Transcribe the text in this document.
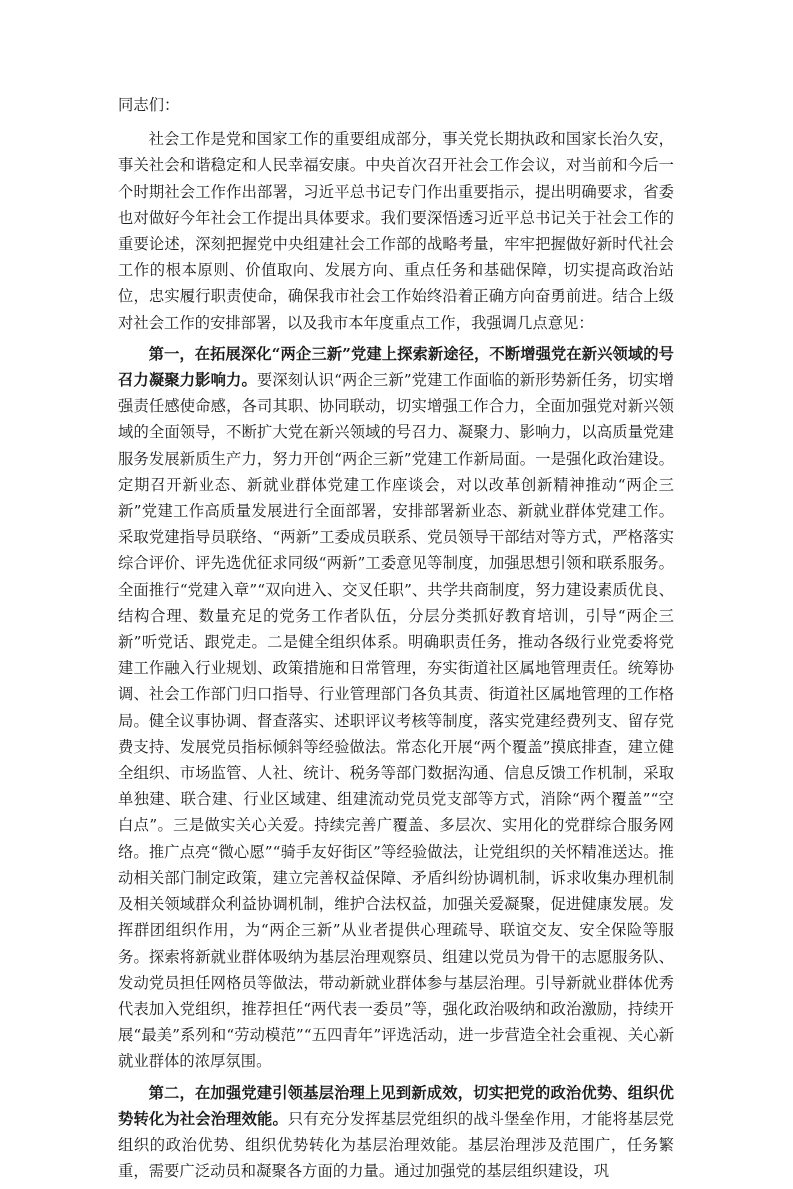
同志们：

社会工作是党和国家工作的重要组成部分，事关党长期执政和国家长治久安，事关社会和谐稳定和人民幸福安康。中央首次召开社会工作会议，对当前和今后一个时期社会工作作出部署，习近平总书记专门作出重要指示，提出明确要求，省委也对做好今年社会工作提出具体要求。我们要深悟透习近平总书记关于社会工作的重要论述，深刻把握党中央组建社会工作部的战略考量，牢牢把握做好新时代社会工作的根本原则、价值取向、发展方向、重点任务和基础保障，切实提高政治站位，忠实履行职责使命，确保我市社会工作始终沿着正确方向奋勇前进。结合上级对社会工作的安排部署，以及我市本年度重点工作，我强调几点意见：

第一，在拓展深化“两企三新”党建上探索新途径，不断增强党在新兴领域的号召力凝聚力影响力。要深刻认识“两企三新”党建工作面临的新形势新任务，切实增强责任感使命感，各司其职、协同联动，切实增强工作合力，全面加强党对新兴领域的全面领导，不断扩大党在新兴领域的号召力、凝聚力、影响力，以高质量党建服务发展新质生产力，努力开创“两企三新”党建工作新局面。一是强化政治建设。定期召开新业态、新就业群体党建工作座谈会，对以改革创新精神推动“两企三新”党建工作高质量发展进行全面部署，安排部署新业态、新就业群体党建工作。采取党建指导员联络、“两新”工委成员联系、党员领导干部结对等方式，严格落实综合评价、评先选优征求同级“两新”工委意见等制度，加强思想引领和联系服务。全面推行“党建入章”“双向进入、交叉任职”、共学共商制度，努力建设素质优良、结构合理、数量充足的党务工作者队伍，分层分类抓好教育培训，引导“两企三新”听党话、跟党走。二是健全组织体系。明确职责任务，推动各级行业党委将党建工作融入行业规划、政策措施和日常管理，夯实街道社区属地管理责任。统筹协调、社会工作部门归口指导、行业管理部门各负其责、街道社区属地管理的工作格局。健全议事协调、督查落实、述职评议考核等制度，落实党建经费列支、留存党费支持、发展党员指标倾斜等经验做法。常态化开展“两个覆盖”摸底排查，建立健全组织、市场监管、人社、统计、税务等部门数据沟通、信息反馈工作机制，采取单独建、联合建、行业区域建、组建流动党员党支部等方式，消除“两个覆盖”“空白点”。三是做实关心关爱。持续完善广覆盖、多层次、实用化的党群综合服务网络。推广点亮“微心愿”“骑手友好街区”等经验做法，让党组织的关怀精准送达。推动相关部门制定政策，建立完善权益保障、矛盾纠纷协调机制，诉求收集办理机制及相关领域群众利益协调机制，维护合法权益，加强关爱凝聚，促进健康发展。发挥群团组织作用，为“两企三新”从业者提供心理疏导、联谊交友、安全保险等服务。探索将新就业群体吸纳为基层治理观察员、组建以党员为骨干的志愿服务队、发动党员担任网格员等做法，带动新就业群体参与基层治理。引导新就业群体优秀代表加入党组织，推荐担任“两代表一委员”等，强化政治吸纳和政治激励，持续开展“最美”系列和“劳动模范”“五四青年”评选活动，进一步营造全社会重视、关心新就业群体的浓厚氛围。

第二，在加强党建引领基层治理上见到新成效，切实把党的政治优势、组织优势转化为社会治理效能。只有充分发挥基层党组织的战斗堡垒作用，才能将基层党组织的政治优势、组织优势转化为基层治理效能。基层治理涉及范围广，任务繁重，需要广泛动员和凝聚各方面的力量。通过加强党的基层组织建设，巩
